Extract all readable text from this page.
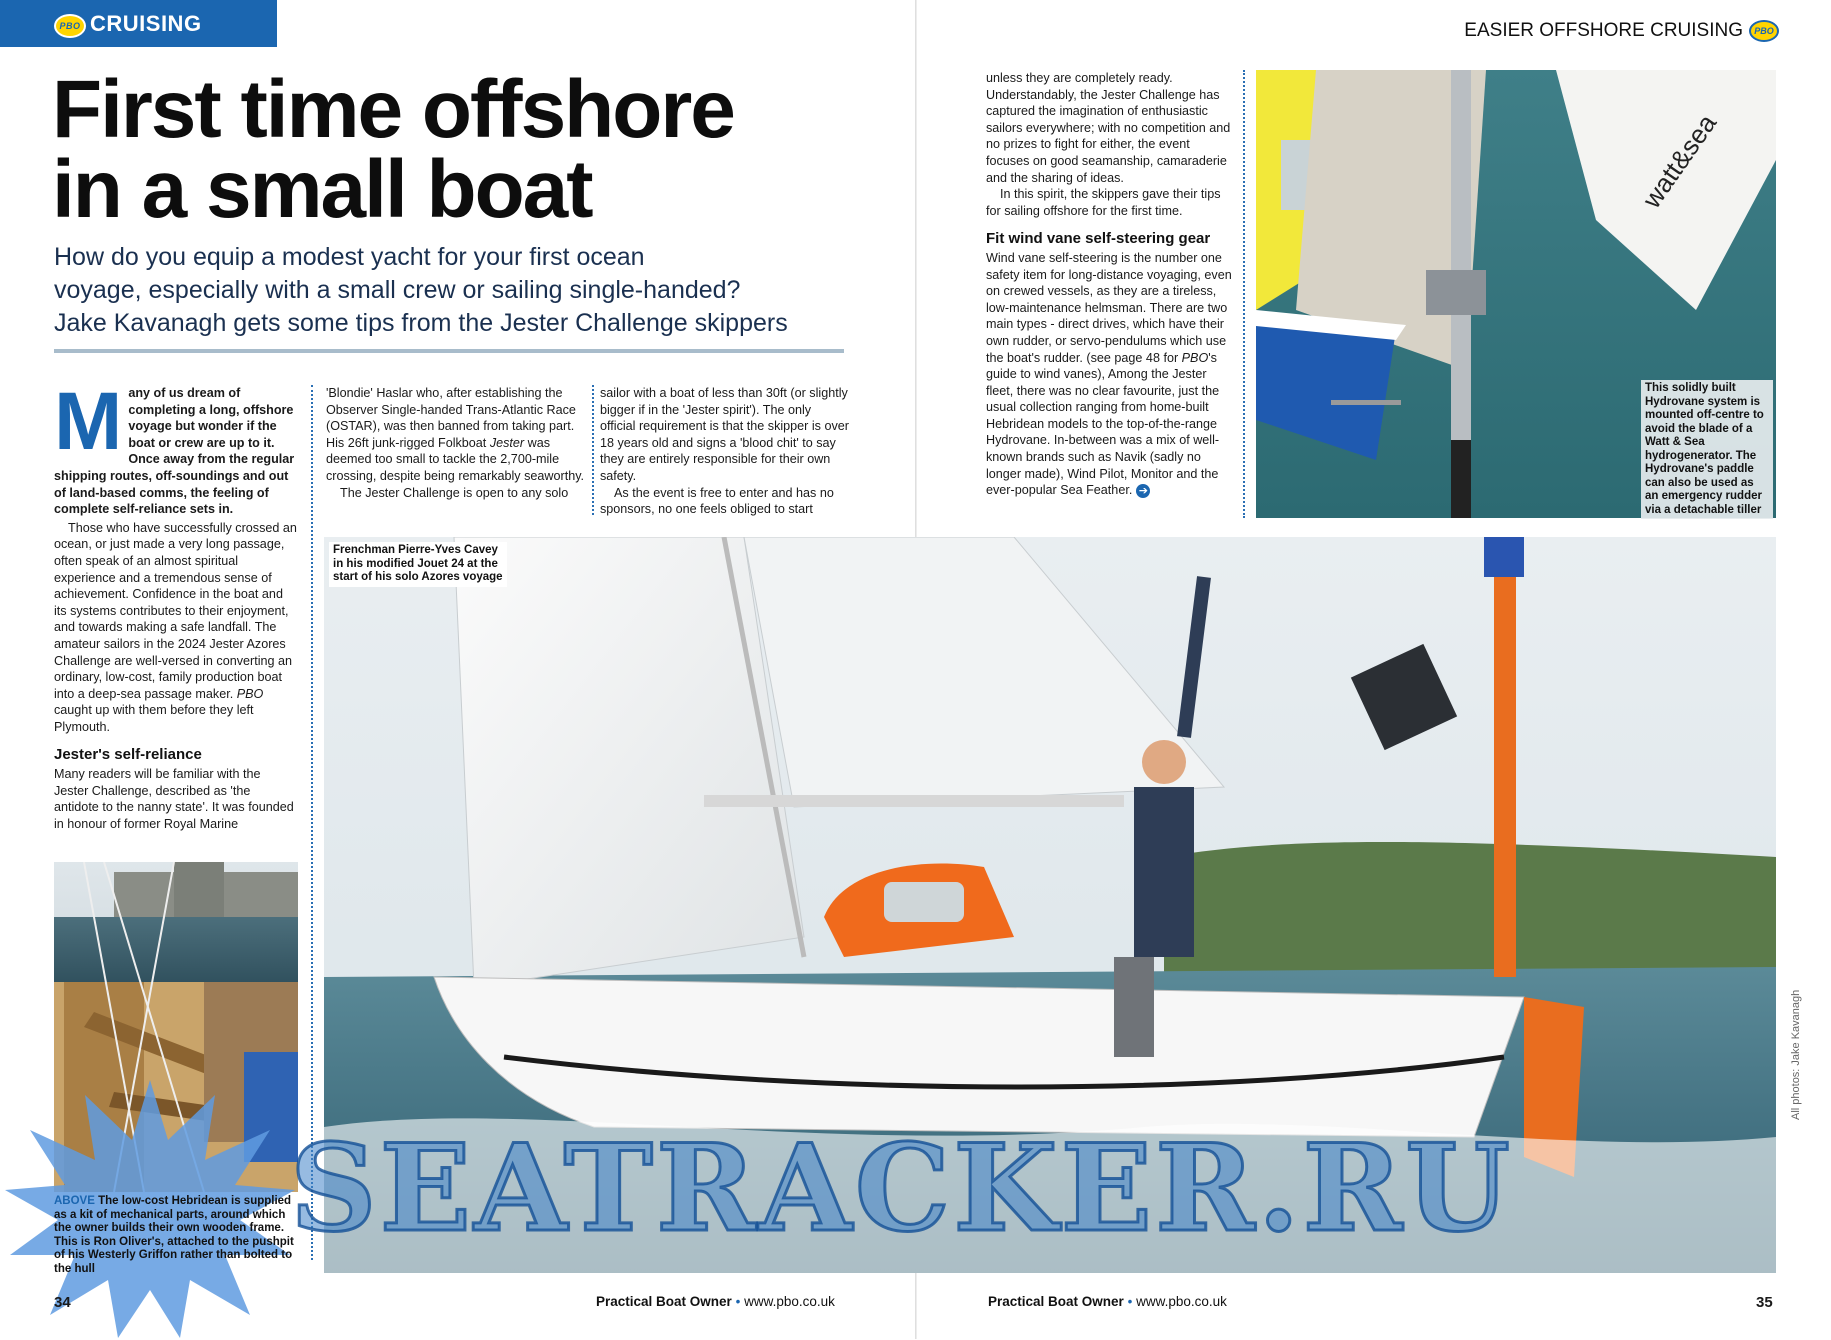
PBO CRUISING	EASIER OFFSHORE CRUISING	PBO
First time offshore
in a small boat

How do you equip a modest yacht for your first ocean
voyage, especially with a small crew or sailing single-handed?
Jake Kavanagh gets some tips from the Jester Challenge skippers

Many of us dream of completing a long, offshore voyage but wonder if the boat or crew are up to it. Once away from the regular shipping routes, off-soundings and out of land-based comms, the feeling of complete self-reliance sets in.

Those who have successfully crossed an ocean, or just made a very long passage, often speak of an almost spiritual experience and a tremendous sense of achievement. Confidence in the boat and its systems contributes to their enjoyment, and towards making a safe landfall. The amateur sailors in the 2024 Jester Azores Challenge are well-versed in converting an ordinary, low-cost, family production boat into a deep-sea passage maker. PBO caught up with them before they left Plymouth.

Jester's self-reliance

Many readers will be familiar with the Jester Challenge, described as 'the antidote to the nanny state'. It was founded in honour of former Royal Marine

ABOVE The low-cost Hebridean is supplied as a kit of mechanical parts, around which the owner builds their own wooden frame. This is Ron Oliver's, attached to the pushpit of his Westerly Griffon rather than bolted to the hull

'Blondie' Haslar who, after establishing the Observer Single-handed Trans-Atlantic Race (OSTAR), was then banned from taking part. His 26ft junk-rigged Folkboat Jester was deemed too small to tackle the 2,700-mile crossing, despite being remarkably seaworthy.

The Jester Challenge is open to any solo

sailor with a boat of less than 30ft (or slightly bigger if in the 'Jester spirit'). The only official requirement is that the skipper is over 18 years old and signs a 'blood chit' to say they are entirely responsible for their own safety.

As the event is free to enter and has no sponsors, no one feels obliged to start

unless they are completely ready. Understandably, the Jester Challenge has captured the imagination of enthusiastic sailors everywhere; with no competition and no prizes to fight for either, the event focuses on good seamanship, camaraderie and the sharing of ideas.

In this spirit, the skippers gave their tips for sailing offshore for the first time.

Fit wind vane self-steering gear

Wind vane self-steering is the number one safety item for long-distance voyaging, even on crewed vessels, as they are a tireless, low-maintenance helmsman. There are two main types - direct drives, which have their own rudder, or servo-pendulums which use the boat's rudder. (see page 48 for PBO's guide to wind vanes), Among the Jester fleet, there was no clear favourite, just the usual collection ranging from home-built Hebridean models to the top-of-the-range Hydrovane. In-between was a mix of well-known brands such as Navik (sadly no longer made), Wind Pilot, Monitor and the ever-popular Sea Feather. ➔

watt&sea
This solidly built Hydrovane system is mounted off-centre to avoid the blade of a Watt & Sea hydrogenerator. The Hydrovane's paddle can also be used as an emergency rudder via a detachable tiller
Frenchman Pierre-Yves Cavey in his modified Jouet 24 at the start of his solo Azores voyage
All photos: Jake Kavanagh
SEATRACKER.RU
34	Practical Boat Owner • www.pbo.co.uk	Practical Boat Owner • www.pbo.co.uk	35
